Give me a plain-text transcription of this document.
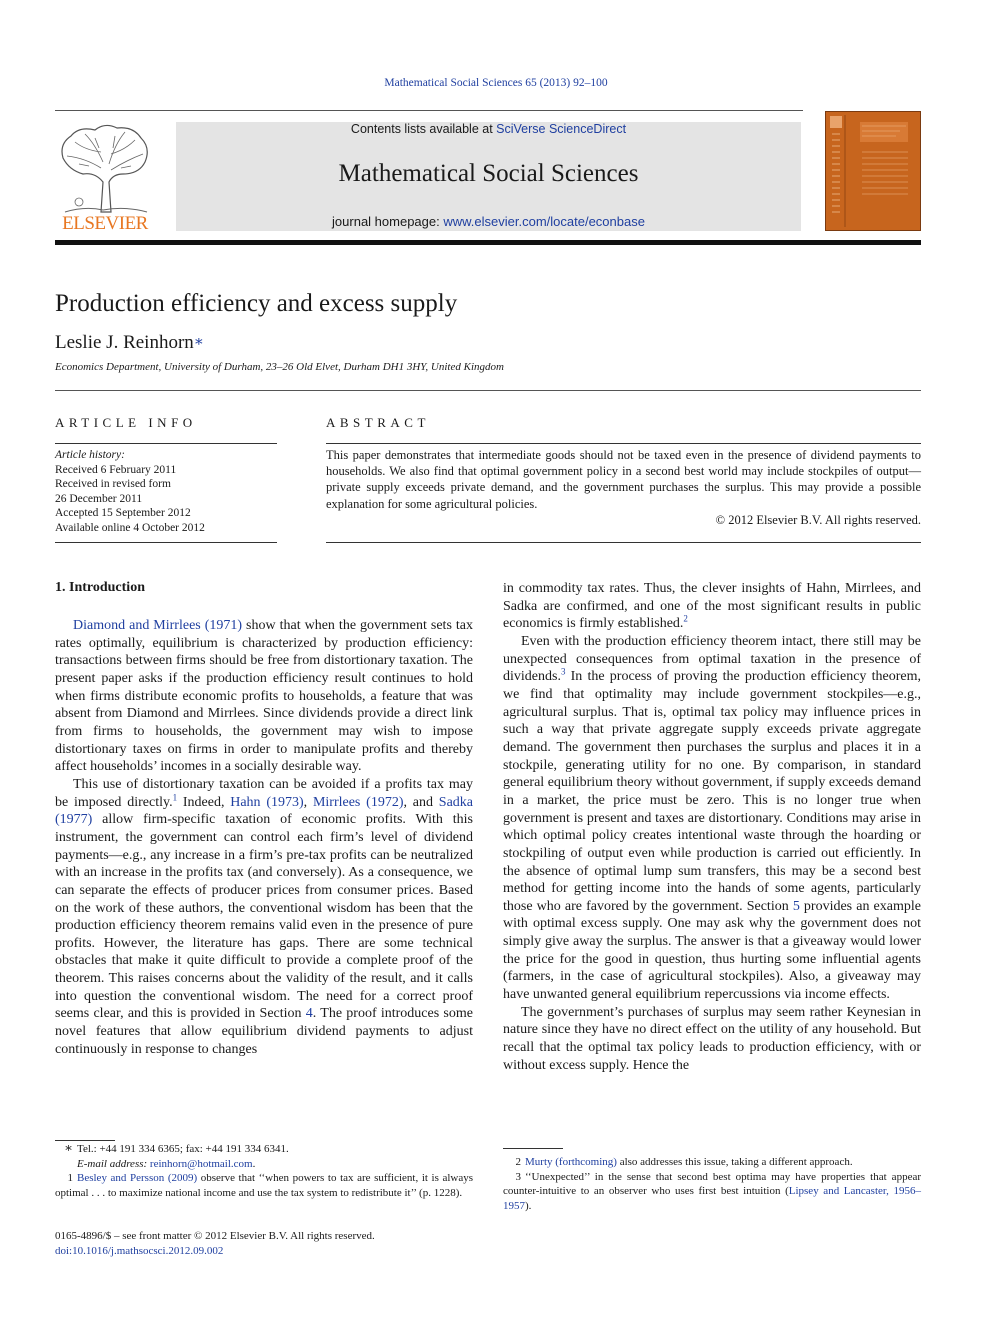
Mathematical Social Sciences 65 (2013) 92–100
ELSEVIER
Contents lists available at SciVerse ScienceDirect
Mathematical Social Sciences
journal homepage: www.elsevier.com/locate/econbase
Production efficiency and excess supply
Leslie J. Reinhorn∗
Economics Department, University of Durham, 23–26 Old Elvet, Durham DH1 3HY, United Kingdom
ARTICLE INFO	ABSTRACT
Article history:
Received 6 February 2011
Received in revised form
26 December 2011
Accepted 15 September 2012
Available online 4 October 2012
This paper demonstrates that intermediate goods should not be taxed even in the presence of dividend payments to households. We also find that optimal government policy in a second best world may include stockpiles of output—private supply exceeds private demand, and the government purchases the surplus. This may provide a possible explanation for some agricultural policies.
© 2012 Elsevier B.V. All rights reserved.
1. Introduction

Diamond and Mirrlees (1971) show that when the government sets tax rates optimally, equilibrium is characterized by production efficiency: transactions between firms should be free from distortionary taxation. The present paper asks if the production efficiency result continues to hold when firms distribute economic profits to households, a feature that was absent from Diamond and Mirrlees. Since dividends provide a direct link from firms to households, the government may wish to impose distortionary taxes on firms in order to manipulate profits and thereby affect households’ incomes in a socially desirable way.

This use of distortionary taxation can be avoided if a profits tax may be imposed directly.$^1$ Indeed, Hahn (1973), Mirrlees (1972), and Sadka (1977) allow firm-specific taxation of economic profits. With this instrument, the government can control each firm’s level of dividend payments—e.g., any increase in a firm’s pre-tax profits can be neutralized with an increase in the profits tax (and conversely). As a consequence, we can separate the effects of producer prices from consumer prices. Based on the work of these authors, the conventional wisdom has been that the production efficiency theorem remains valid even in the presence of pure profits. However, the literature has gaps. There are some technical obstacles that make it quite difficult to provide a complete proof of the theorem. This raises concerns about the validity of the result, and it calls into question the conventional wisdom. The need for a correct proof seems clear, and this is provided in Section 4. The proof introduces some novel features that allow equilibrium dividend payments to adjust continuously in response to changes

in commodity tax rates. Thus, the clever insights of Hahn, Mirrlees, and Sadka are confirmed, and one of the most significant results in public economics is firmly established.$^2$

Even with the production efficiency theorem intact, there still may be unexpected consequences from optimal taxation in the presence of dividends.$^3$ In the process of proving the production efficiency theorem, we find that optimality may include government stockpiles—e.g., agricultural surplus. That is, optimal tax policy may influence prices in such a way that private aggregate supply exceeds private aggregate demand. The government then purchases the surplus and places it in a stockpile, generating utility for no one. By comparison, in standard general equilibrium theory without government, if supply exceeds demand in a market, the price must be zero. This is no longer true when government is present and taxes are distortionary. Conditions may arise in which optimal policy creates intentional waste through the hoarding or stockpiling of output even while production is carried out efficiently. In the absence of optimal lump sum transfers, this may be a second best method for getting income into the hands of some agents, particularly those who are favored by the government. Section 5 provides an example with optimal excess supply. One may ask why the government does not simply give away the surplus. The answer is that a giveaway would lower the price for the good in question, thus hurting some influential agents (farmers, in the case of agricultural stockpiles). Also, a giveaway may have unwanted general equilibrium repercussions via income effects.

The government’s purchases of surplus may seem rather Keynesian in nature since they have no direct effect on the utility of any household. But recall that the optimal tax policy leads to production efficiency, with or without excess supply. Hence the

∗ Tel.: +44 191 334 6365; fax: +44 191 334 6341.
E-mail address: reinhorn@hotmail.com.
1 Besley and Persson (2009) observe that ‘‘when powers to tax are sufficient, it is always optimal . . . to maximize national income and use the tax system to redistribute it’’ (p. 1228).
2 Murty (forthcoming) also addresses this issue, taking a different approach.
3 ‘‘Unexpected’’ in the sense that second best optima may have properties that appear counter-intuitive to an observer who uses first best intuition (Lipsey and Lancaster, 1956–1957).
0165-4896/$ – see front matter © 2012 Elsevier B.V. All rights reserved.
doi:10.1016/j.mathsocsci.2012.09.002
